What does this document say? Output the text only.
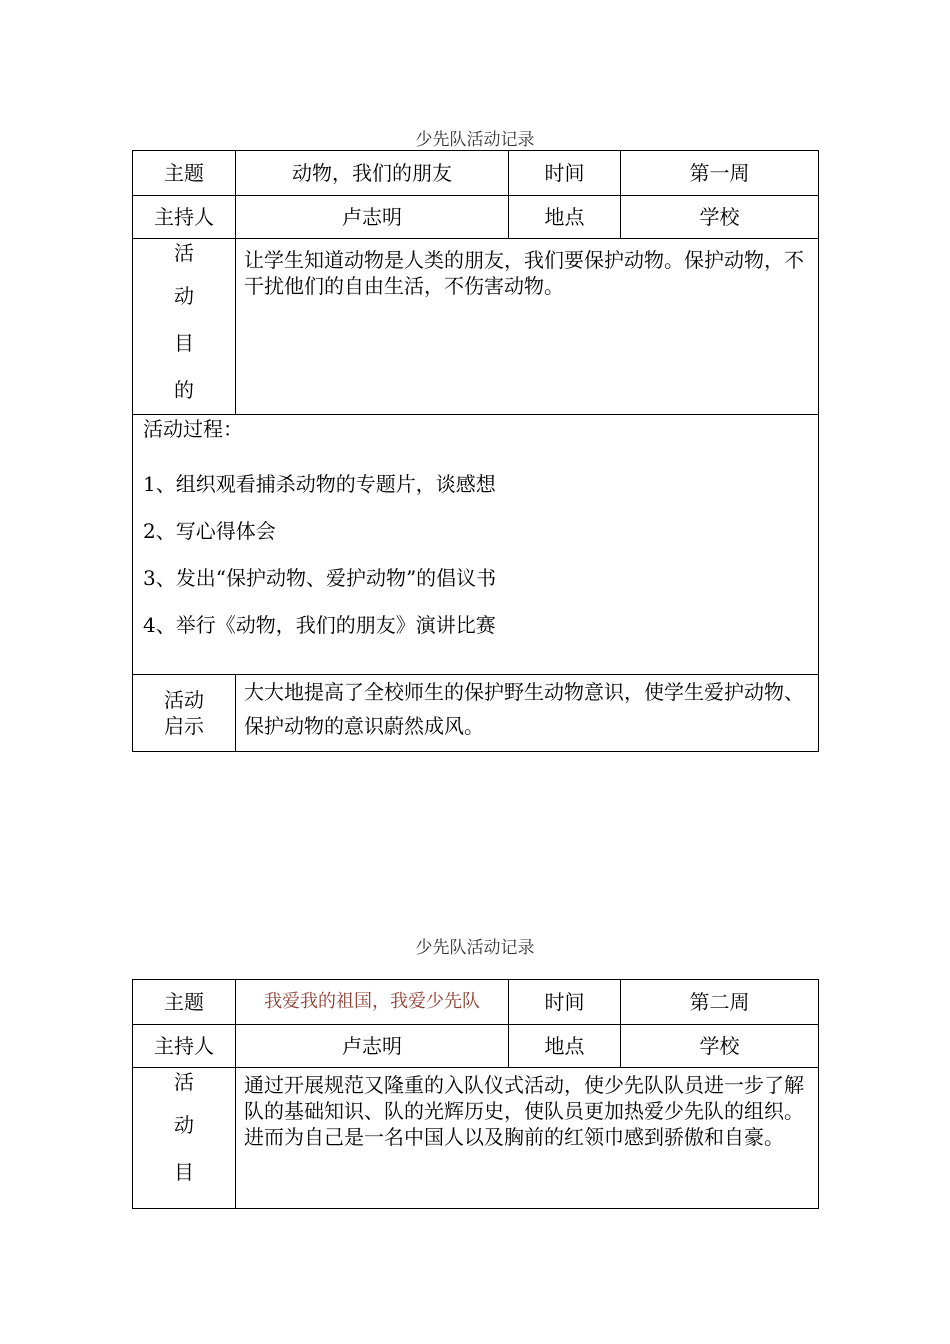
少先队活动记录
主题	动物，我们的朋友	时间	第一周
主持人	卢志明	地点	学校

活
动
目
的	让学生知道动物是人类的朋友，我们要保护动物。保护动物，不干扰他们的自由生活，不伤害动物。		

活动过程：
1、组织观看捕杀动物的专题片，谈感想
2、写心得体会
3、发出“保护动物、爱护动物”的倡议书
4、举行《动物，我们的朋友》演讲比赛			

活动
启示	大大地提高了全校师生的保护野生动物意识，使学生爱护动物、保护动物的意识蔚然成风。		
少先队活动记录
主题	我爱我的祖国，我爱少先队	时间	第二周
主持人	卢志明	地点	学校

活
动
目	通过开展规范又隆重的入队仪式活动，使少先队队员进一步了解队的基础知识、队的光辉历史，使队员更加热爱少先队的组织。进而为自己是一名中国人以及胸前的红领巾感到骄傲和自豪。		
